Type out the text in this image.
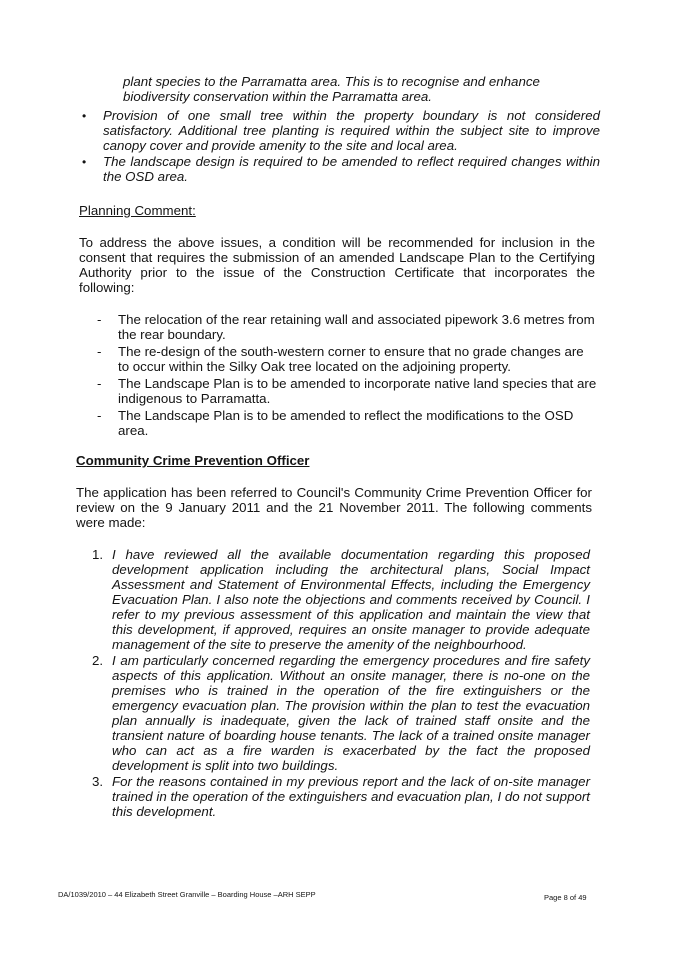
plant species to the Parramatta area. This is to recognise and enhance biodiversity conservation within the Parramatta area.

•	Provision of one small tree within the property boundary is not considered satisfactory. Additional tree planting is required within the subject site to improve canopy cover and provide amenity to the site and local area.
•	The landscape design is required to be amended to reflect required changes within the OSD area.
Planning Comment:

To address the above issues, a condition will be recommended for inclusion in the consent that requires the submission of an amended Landscape Plan to the Certifying Authority prior to the issue of the Construction Certificate that incorporates the following:

-	The relocation of the rear retaining wall and associated pipework 3.6 metres from the rear boundary.
-	The re-design of the south-western corner to ensure that no grade changes are to occur within the Silky Oak tree located on the adjoining property.
-	The Landscape Plan is to be amended to incorporate native land species that are indigenous to Parramatta.
-	The Landscape Plan is to be amended to reflect the modifications to the OSD area.
Community Crime Prevention Officer

The application has been referred to Council's Community Crime Prevention Officer for review on the 9 January 2011 and the 21 November 2011. The following comments were made:

1. I have reviewed all the available documentation regarding this proposed development application including the architectural plans, Social Impact Assessment and Statement of Environmental Effects, including the Emergency Evacuation Plan. I also note the objections and comments received by Council. I refer to my previous assessment of this application and maintain the view that this development, if approved, requires an onsite manager to provide adequate management of the site to preserve the amenity of the neighbourhood.
2. I am particularly concerned regarding the emergency procedures and fire safety aspects of this application. Without an onsite manager, there is no-one on the premises who is trained in the operation of the fire extinguishers or the emergency evacuation plan. The provision within the plan to test the evacuation plan annually is inadequate, given the lack of trained staff onsite and the transient nature of boarding house tenants. The lack of a trained onsite manager who can act as a fire warden is exacerbated by the fact the proposed development is split into two buildings.
3. For the reasons contained in my previous report and the lack of on-site manager trained in the operation of the extinguishers and evacuation plan, I do not support this development.
DA/1039/2010 – 44 Elizabeth Street Granville – Boarding House –ARH SEPP	Page 8 of 49
